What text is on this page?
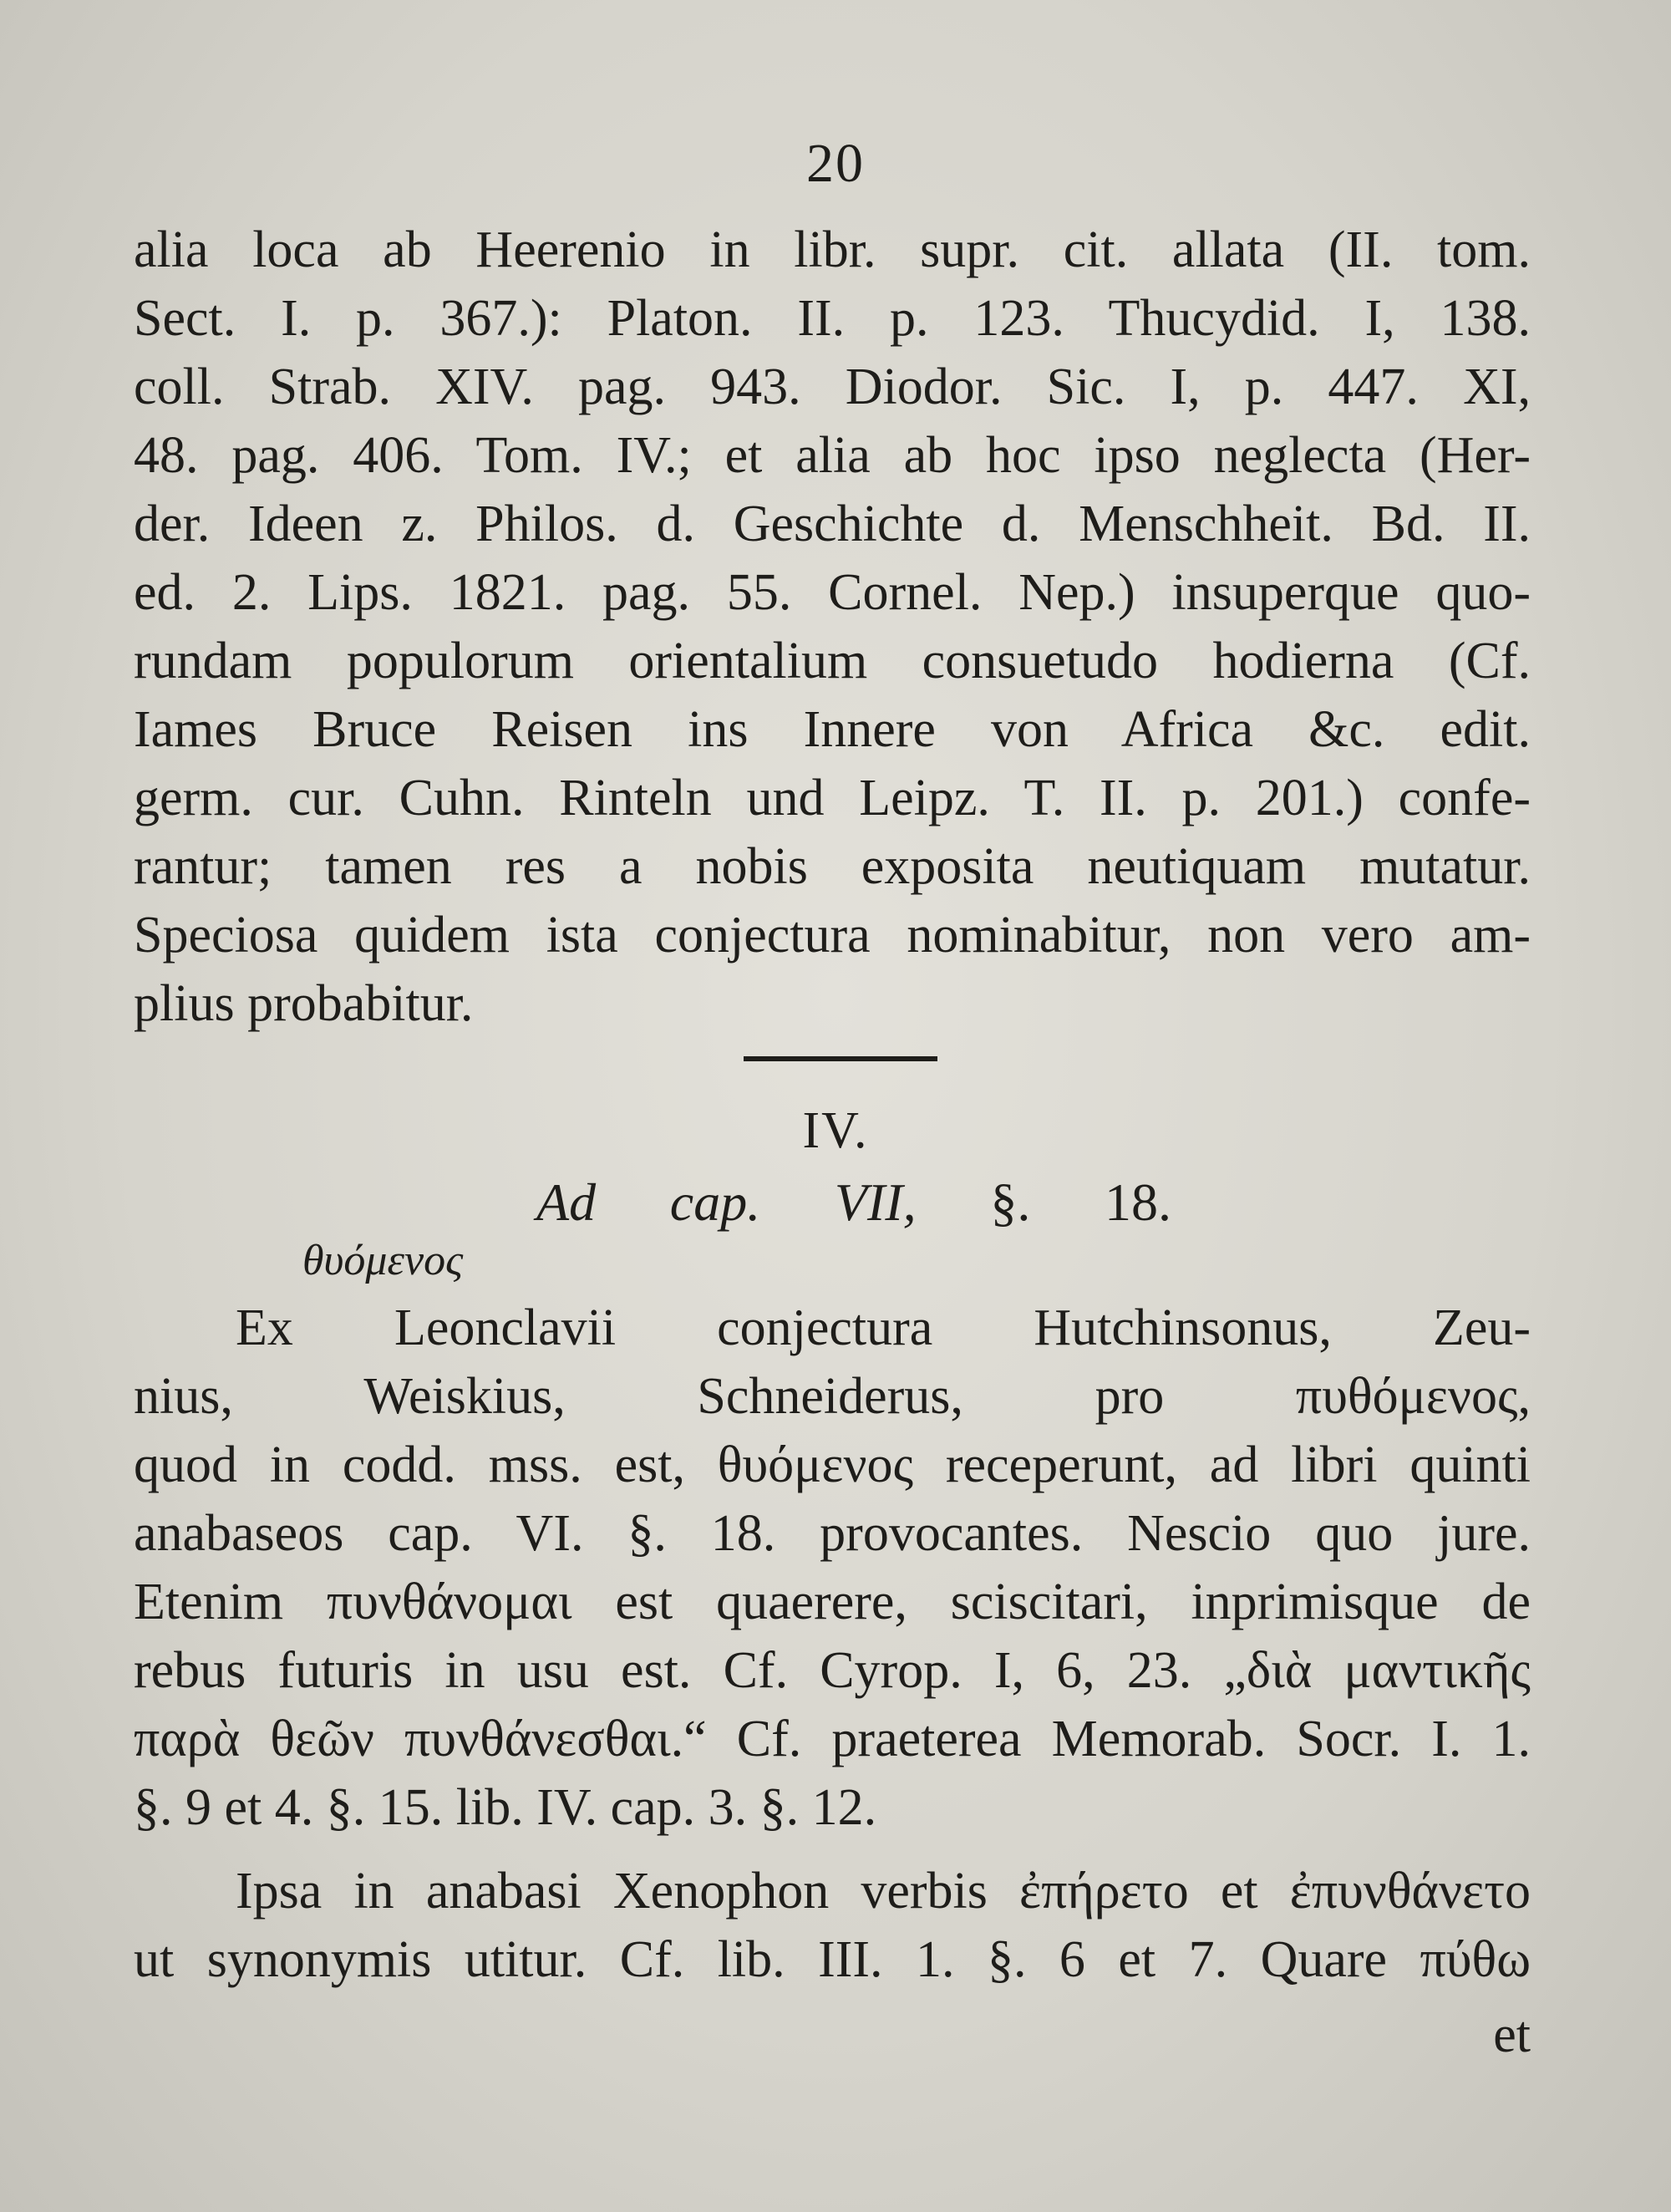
20
alia loca ab Heerenio in libr. supr. cit. allata (II. tom.
Sect. I. p. 367.): Platon. II. p. 123. Thucydid. I, 138.
coll. Strab. XIV. pag. 943. Diodor. Sic. I, p. 447. XI,
48. pag. 406. Tom. IV.; et alia ab hoc ipso neglecta (Her-
der. Ideen z. Philos. d. Geschichte d. Menschheit. Bd. II.
ed. 2. Lips. 1821. pag. 55. Cornel. Nep.) insuperque quo-
rundam populorum orientalium consuetudo hodierna (Cf.
Iames Bruce Reisen ins Innere von Africa &c. edit.
germ. cur. Cuhn. Rinteln und Leipz. T. II. p. 201.) confe-
rantur; tamen res a nobis exposita neutiquam mutatur.
Speciosa quidem ista conjectura nominabitur, non vero am-
plius probabitur.
IV.
Ad cap. VII, §. 18.
θυόμενος
Ex Leonclavii conjectura Hutchinsonus, Zeu-
nius, Weiskius, Schneiderus, pro πυθόμενος,
quod in codd. mss. est, θυόμενος receperunt, ad libri quinti
anabaseos cap. VI. §. 18. provocantes. Nescio quo jure.
Etenim πυνθάνομαι est quaerere, sciscitari, inprimisque de
rebus futuris in usu est. Cf. Cyrop. I, 6, 23. „διὰ μαντικῆς
παρὰ θεῶν πυνθάνεσθαι.“ Cf. praeterea Memorab. Socr. I. 1.
§. 9 et 4. §. 15. lib. IV. cap. 3. §. 12.
Ipsa in anabasi Xenophon verbis ἐπήρετο et ἐπυνθάνετο
ut synonymis utitur. Cf. lib. III. 1. §. 6 et 7. Quare πύθω
et
